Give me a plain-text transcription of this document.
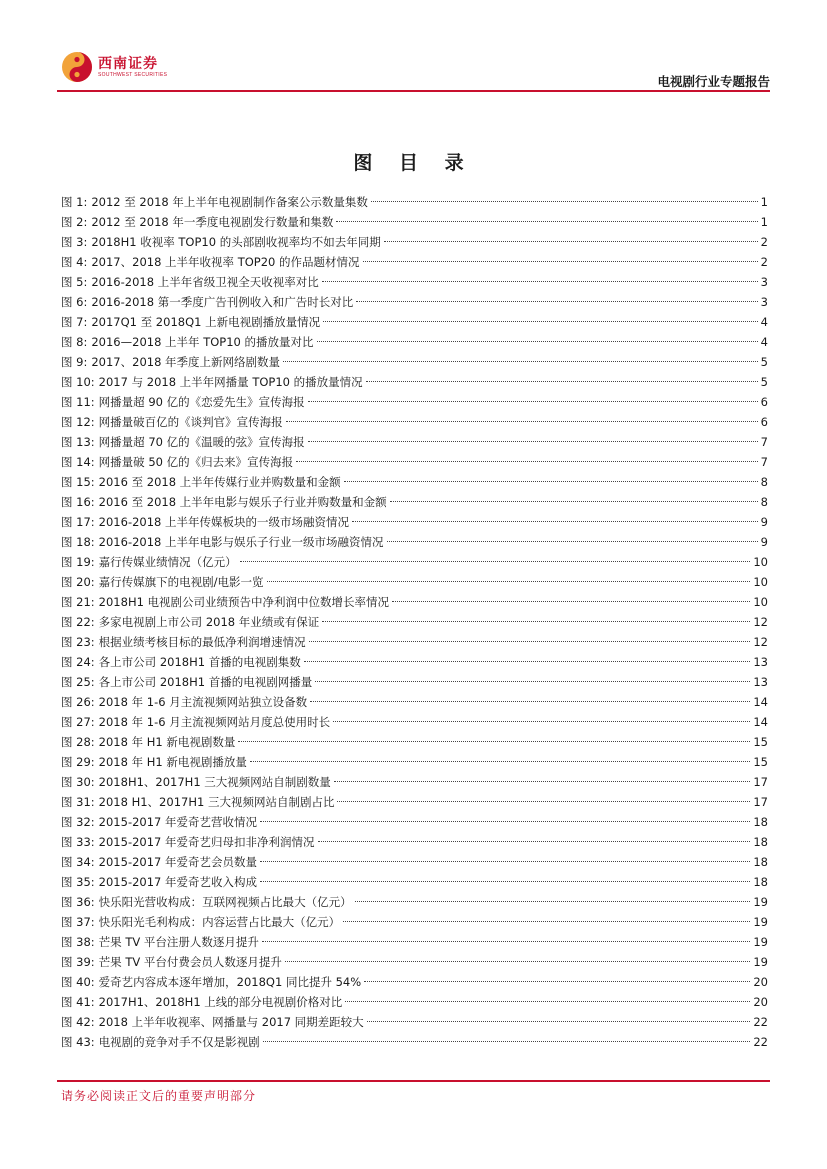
西南证券
SOUTHWEST SECURITIES	电视剧行业专题报告
图 目 录
图 1: 2012 至 2018 年上半年电视剧制作备案公示数量集数	1
图 2: 2012 至 2018 年一季度电视剧发行数量和集数	1
图 3: 2018H1 收视率 TOP10 的头部剧收视率均不如去年同期	2
图 4: 2017、2018 上半年收视率 TOP20 的作品题材情况	2
图 5: 2016-2018 上半年省级卫视全天收视率对比	3
图 6: 2016-2018 第一季度广告刊例收入和广告时长对比	3
图 7: 2017Q1 至 2018Q1 上新电视剧播放量情况	4
图 8: 2016—2018 上半年 TOP10 的播放量对比	4
图 9: 2017、2018 年季度上新网络剧数量	5
图 10: 2017 与 2018 上半年网播量 TOP10 的播放量情况	5
图 11: 网播量超 90 亿的《恋爱先生》宣传海报	6
图 12: 网播量破百亿的《谈判官》宣传海报	6
图 13: 网播量超 70 亿的《温暖的弦》宣传海报	7
图 14: 网播量破 50 亿的《归去来》宣传海报	7
图 15: 2016 至 2018 上半年传媒行业并购数量和金额	8
图 16: 2016 至 2018 上半年电影与娱乐子行业并购数量和金额	8
图 17: 2016-2018 上半年传媒板块的一级市场融资情况	9
图 18: 2016-2018 上半年电影与娱乐子行业一级市场融资情况	9
图 19: 嘉行传媒业绩情况（亿元）	10
图 20: 嘉行传媒旗下的电视剧/电影一览	10
图 21: 2018H1 电视剧公司业绩预告中净利润中位数增长率情况	10
图 22: 多家电视剧上市公司 2018 年业绩或有保证	12
图 23: 根据业绩考核目标的最低净利润增速情况	12
图 24: 各上市公司 2018H1 首播的电视剧集数	13
图 25: 各上市公司 2018H1 首播的电视剧网播量	13
图 26: 2018 年 1-6 月主流视频网站独立设备数	14
图 27: 2018 年 1-6 月主流视频网站月度总使用时长	14
图 28: 2018 年 H1 新电视剧数量	15
图 29: 2018 年 H1 新电视剧播放量	15
图 30: 2018H1、2017H1 三大视频网站自制剧数量	17
图 31: 2018 H1、2017H1 三大视频网站自制剧占比	17
图 32: 2015-2017 年爱奇艺营收情况	18
图 33: 2015-2017 年爱奇艺归母扣非净利润情况	18
图 34: 2015-2017 年爱奇艺会员数量	18
图 35: 2015-2017 年爱奇艺收入构成	18
图 36: 快乐阳光营收构成：互联网视频占比最大（亿元）	19
图 37: 快乐阳光毛利构成：内容运营占比最大（亿元）	19
图 38: 芒果 TV 平台注册人数逐月提升	19
图 39: 芒果 TV 平台付费会员人数逐月提升	19
图 40: 爱奇艺内容成本逐年增加，2018Q1 同比提升 54%	20
图 41: 2017H1、2018H1 上线的部分电视剧价格对比	20
图 42: 2018 上半年收视率、网播量与 2017 同期差距较大	22
图 43: 电视剧的竞争对手不仅是影视剧	22
请务必阅读正文后的重要声明部分
